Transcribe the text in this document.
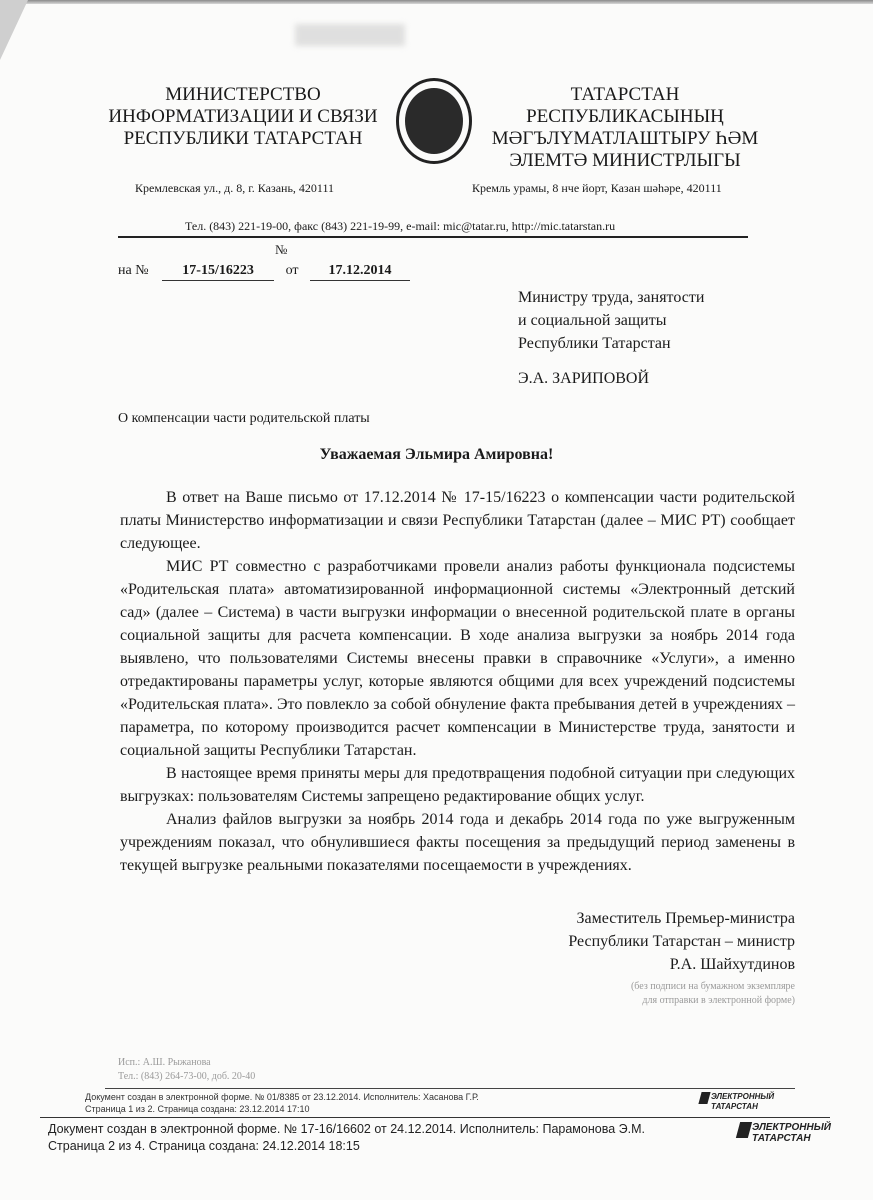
МИНИСТЕРСТВО
ИНФОРМАТИЗАЦИИ И СВЯЗИ
РЕСПУБЛИКИ ТАТАРСТАН
ТАТАРСТАН
РЕСПУБЛИКАСЫНЫҢ
МӘГЪЛҮМАТЛАШТЫРУ ҺӘМ
ЭЛЕМТӘ МИНИСТРЛЫГЫ
Кремлевская ул., д. 8, г. Казань, 420111	Кремль урамы, 8 нче йорт, Казан шәһәре, 420111
Тел. (843) 221-19-00, факс (843) 221-19-99, e-mail: mic@tatar.ru, http://mic.tatarstan.ru
№
на № 17-15/16223 от 17.12.2014
Министру труда, занятости
и социальной защиты
Республики Татарстан
Э.А. ЗАРИПОВОЙ
О компенсации части родительской платы
Уважаемая Эльмира Амировна!

В ответ на Ваше письмо от 17.12.2014 № 17-15/16223 о компенсации части родительской платы Министерство информатизации и связи Республики Татарстан (далее – МИС РТ) сообщает следующее.

МИС РТ совместно с разработчиками провели анализ работы функционала подсистемы «Родительская плата» автоматизированной информационной системы «Электронный детский сад» (далее – Система) в части выгрузки информации о внесенной родительской плате в органы социальной защиты для расчета компенсации. В ходе анализа выгрузки за ноябрь 2014 года выявлено, что пользователями Системы внесены правки в справочнике «Услуги», а именно отредактированы параметры услуг, которые являются общими для всех учреждений подсистемы «Родительская плата». Это повлекло за собой обнуление факта пребывания детей в учреждениях – параметра, по которому производится расчет компенсации в Министерстве труда, занятости и социальной защиты Республики Татарстан.

В настоящее время приняты меры для предотвращения подобной ситуации при следующих выгрузках: пользователям Системы запрещено редактирование общих услуг.

Анализ файлов выгрузки за ноябрь 2014 года и декабрь 2014 года по уже выгруженным учреждениям показал, что обнулившиеся факты посещения за предыдущий период заменены в текущей выгрузке реальными показателями посещаемости в учреждениях.

Заместитель Премьер-министра
Республики Татарстан – министр
Р.А. Шайхутдинов
(без подписи на бумажном экземпляре
для отправки в электронной форме)
Исп.: А.Ш. Рыжанова
Тел.: (843) 264-73-00, доб. 20-40
Документ создан в электронной форме. № 01/8385 от 23.12.2014. Исполнитель: Хасанова Г.Р.
Страница 1 из 2. Страница создана: 23.12.2014 17:10
ЭЛЕКТРОННЫЙ
ТАТАРСТАН
Документ создан в электронной форме. № 17-16/16602 от 24.12.2014. Исполнитель: Парамонова Э.М.
Страница 2 из 4. Страница создана: 24.12.2014 18:15
ЭЛЕКТРОННЫЙ
ТАТАРСТАН
